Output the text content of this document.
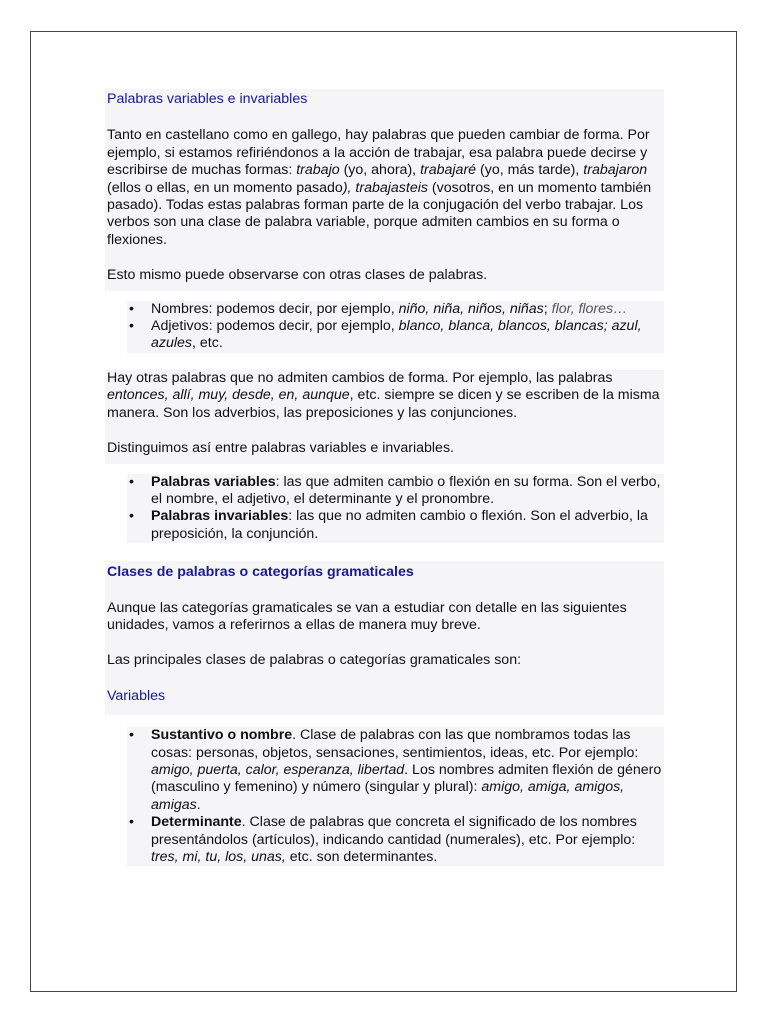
Palabras variables e invariables

Tanto en castellano como en gallego, hay palabras que pueden cambiar de forma. Por ejemplo, si estamos refiriéndonos a la acción de trabajar, esa palabra puede decirse y escribirse de muchas formas: trabajo (yo, ahora), trabajaré (yo, más tarde), trabajaron (ellos o ellas, en un momento pasado), trabajasteis (vosotros, en un momento también pasado). Todas estas palabras forman parte de la conjugación del verbo trabajar. Los verbos son una clase de palabra variable, porque admiten cambios en su forma o flexiones.

Esto mismo puede observarse con otras clases de palabras.

• Nombres: podemos decir, por ejemplo, niño, niña, niños, niñas; flor, flores…
• Adjetivos: podemos decir, por ejemplo, blanco, blanca, blancos, blancas; azul, azules, etc.

Hay otras palabras que no admiten cambios de forma. Por ejemplo, las palabras entonces, allí, muy, desde, en, aunque, etc. siempre se dicen y se escriben de la misma manera. Son los adverbios, las preposiciones y las conjunciones.

Distinguimos así entre palabras variables e invariables.

• Palabras variables: las que admiten cambio o flexión en su forma. Son el verbo, el nombre, el adjetivo, el determinante y el pronombre.
• Palabras invariables: las que no admiten cambio o flexión. Son el adverbio, la preposición, la conjunción.

Clases de palabras o categorías gramaticales

Aunque las categorías gramaticales se van a estudiar con detalle en las siguientes unidades, vamos a referirnos a ellas de manera muy breve.

Las principales clases de palabras o categorías gramaticales son:

Variables

• Sustantivo o nombre. Clase de palabras con las que nombramos todas las cosas: personas, objetos, sensaciones, sentimientos, ideas, etc. Por ejemplo: amigo, puerta, calor, esperanza, libertad. Los nombres admiten flexión de género (masculino y femenino) y número (singular y plural): amigo, amiga, amigos, amigas.
• Determinante. Clase de palabras que concreta el significado de los nombres presentándolos (artículos), indicando cantidad (numerales), etc. Por ejemplo: tres, mi, tu, los, unas, etc. son determinantes.
